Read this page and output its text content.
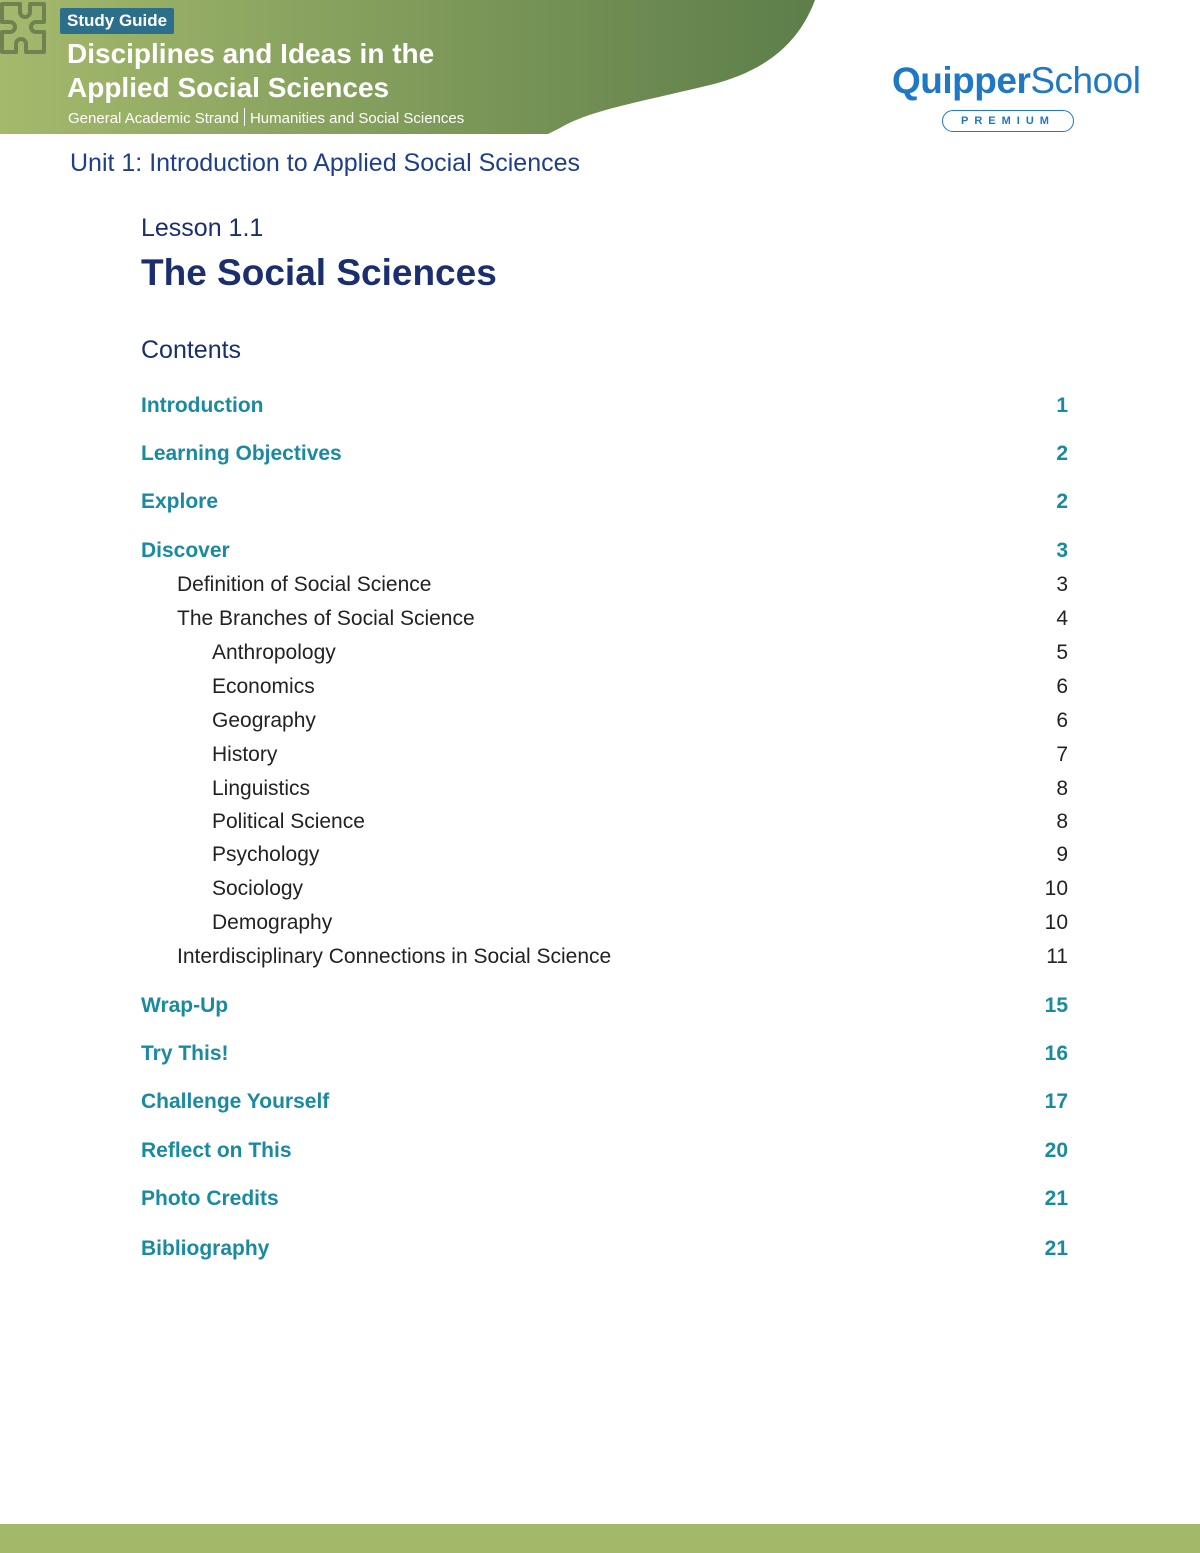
Study Guide
Disciplines and Ideas in the
Applied Social Sciences
General Academic Strand Humanities and Social Sciences
QuipperSchool
PREMIUM
Unit 1: Introduction to Applied Social Sciences
Lesson 1.1
The Social Sciences
Contents
Introduction	1
Learning Objectives	2
Explore	2
Discover	3
Definition of Social Science	3
The Branches of Social Science	4
Anthropology	5
Economics	6
Geography	6
History	7
Linguistics	8
Political Science	8
Psychology	9
Sociology	10
Demography	10
Interdisciplinary Connections in Social Science	11
Wrap-Up	15
Try This!	16
Challenge Yourself	17
Reflect on This	20
Photo Credits	21
Bibliography	21
